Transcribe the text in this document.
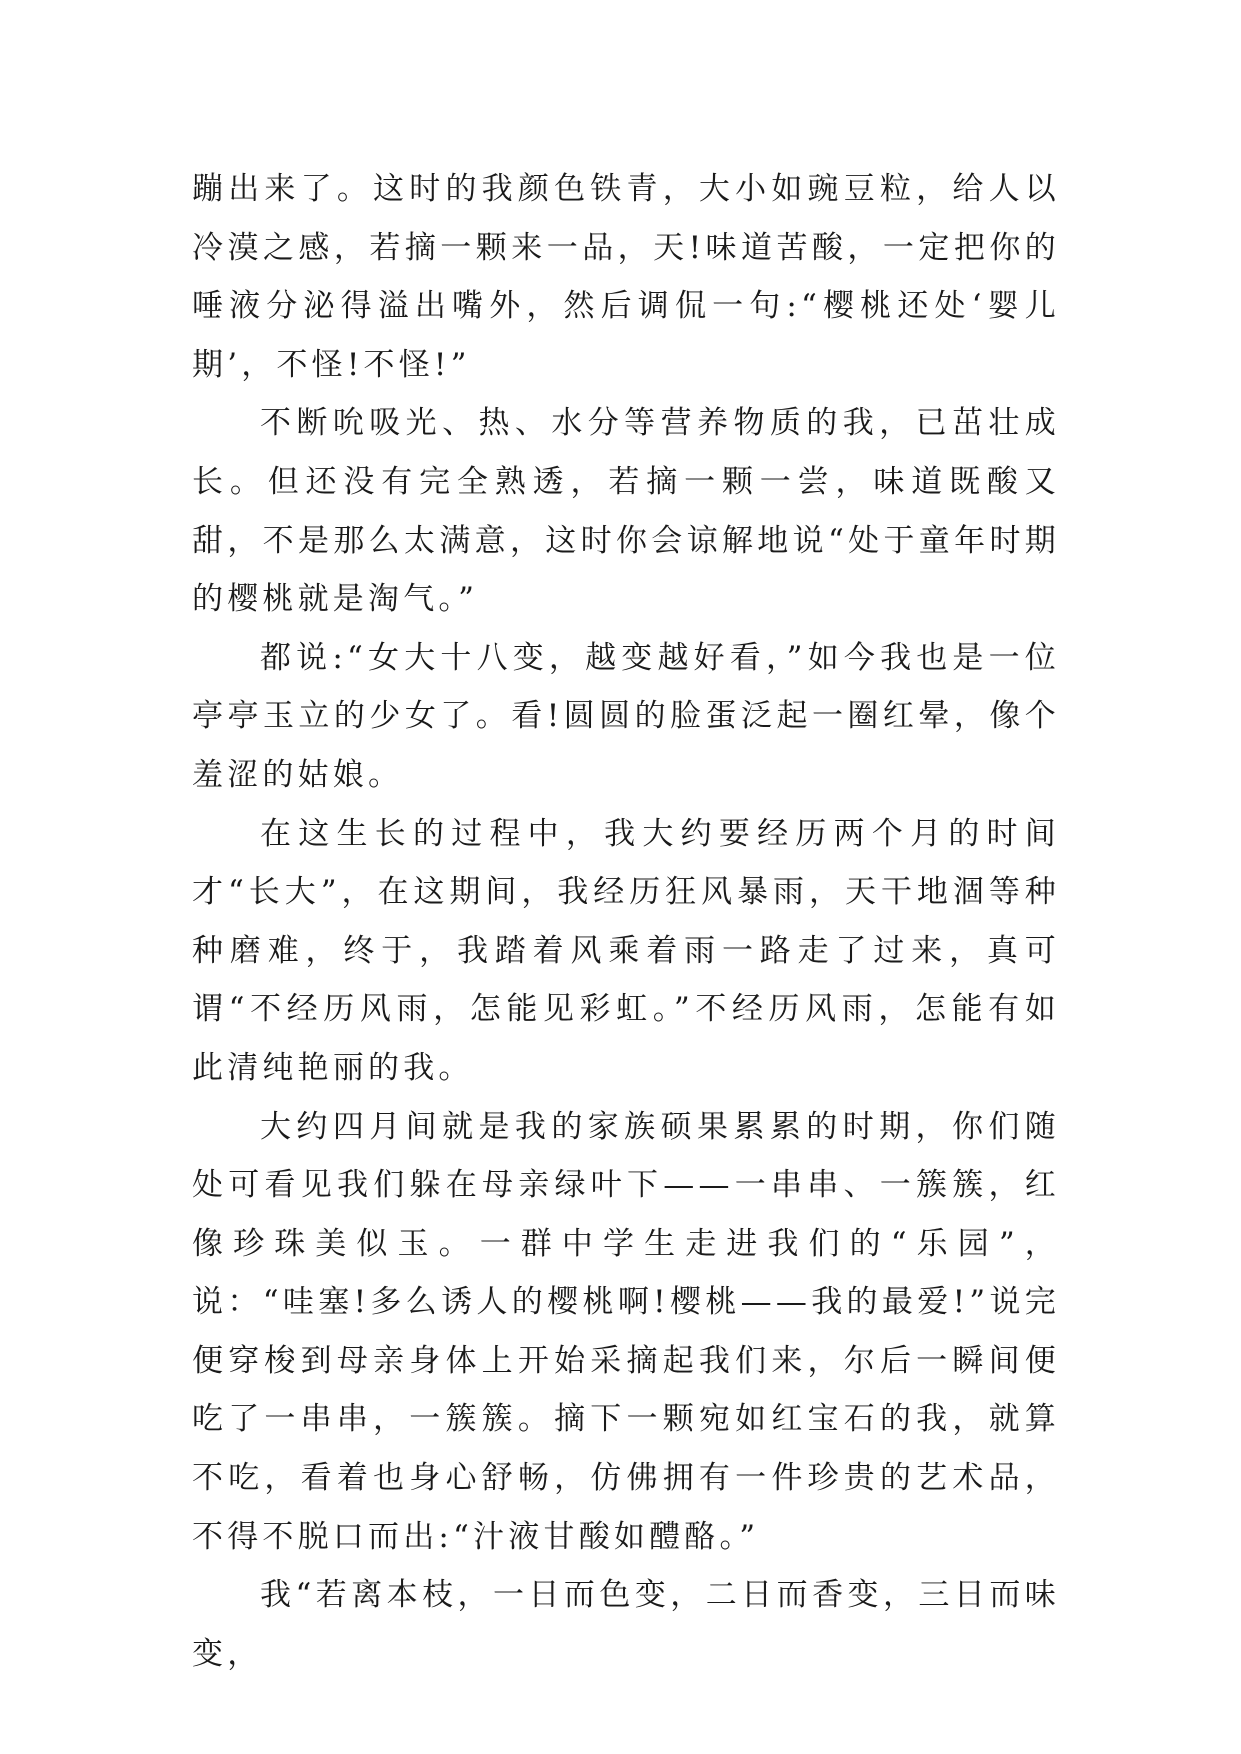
蹦出来了。这时的我颜色铁青，大小如豌豆粒，给人以冷漠之感，若摘一颗来一品，天!味道苦酸，一定把你的唾液分泌得溢出嘴外，然后调侃一句:“樱桃还处‘婴儿期’，不怪!不怪!”

不断吮吸光、热、水分等营养物质的我，已茁壮成长。但还没有完全熟透，若摘一颗一尝，味道既酸又甜，不是那么太满意，这时你会谅解地说“处于童年时期的樱桃就是淘气。”

都说:“女大十八变，越变越好看，”如今我也是一位亭亭玉立的少女了。看!圆圆的脸蛋泛起一圈红晕，像个羞涩的姑娘。

在这生长的过程中，我大约要经历两个月的时间才“长大”，在这期间，我经历狂风暴雨，天干地涸等种种磨难，终于，我踏着风乘着雨一路走了过来，真可谓“不经历风雨，怎能见彩虹。”不经历风雨，怎能有如此清纯艳丽的我。

大约四月间就是我的家族硕果累累的时期，你们随处可看见我们躲在母亲绿叶下——一串串、一簇簇，红像珍珠美似玉。一群中学生走进我们的“乐园”，说：“哇塞!多么诱人的樱桃啊!樱桃——我的最爱!”说完便穿梭到母亲身体上开始采摘起我们来，尔后一瞬间便吃了一串串，一簇簇。摘下一颗宛如红宝石的我，就算不吃，看着也身心舒畅，仿佛拥有一件珍贵的艺术品，不得不脱口而出:“汁液甘酸如醴酪。”

我“若离本枝，一日而色变，二日而香变，三日而味变，
